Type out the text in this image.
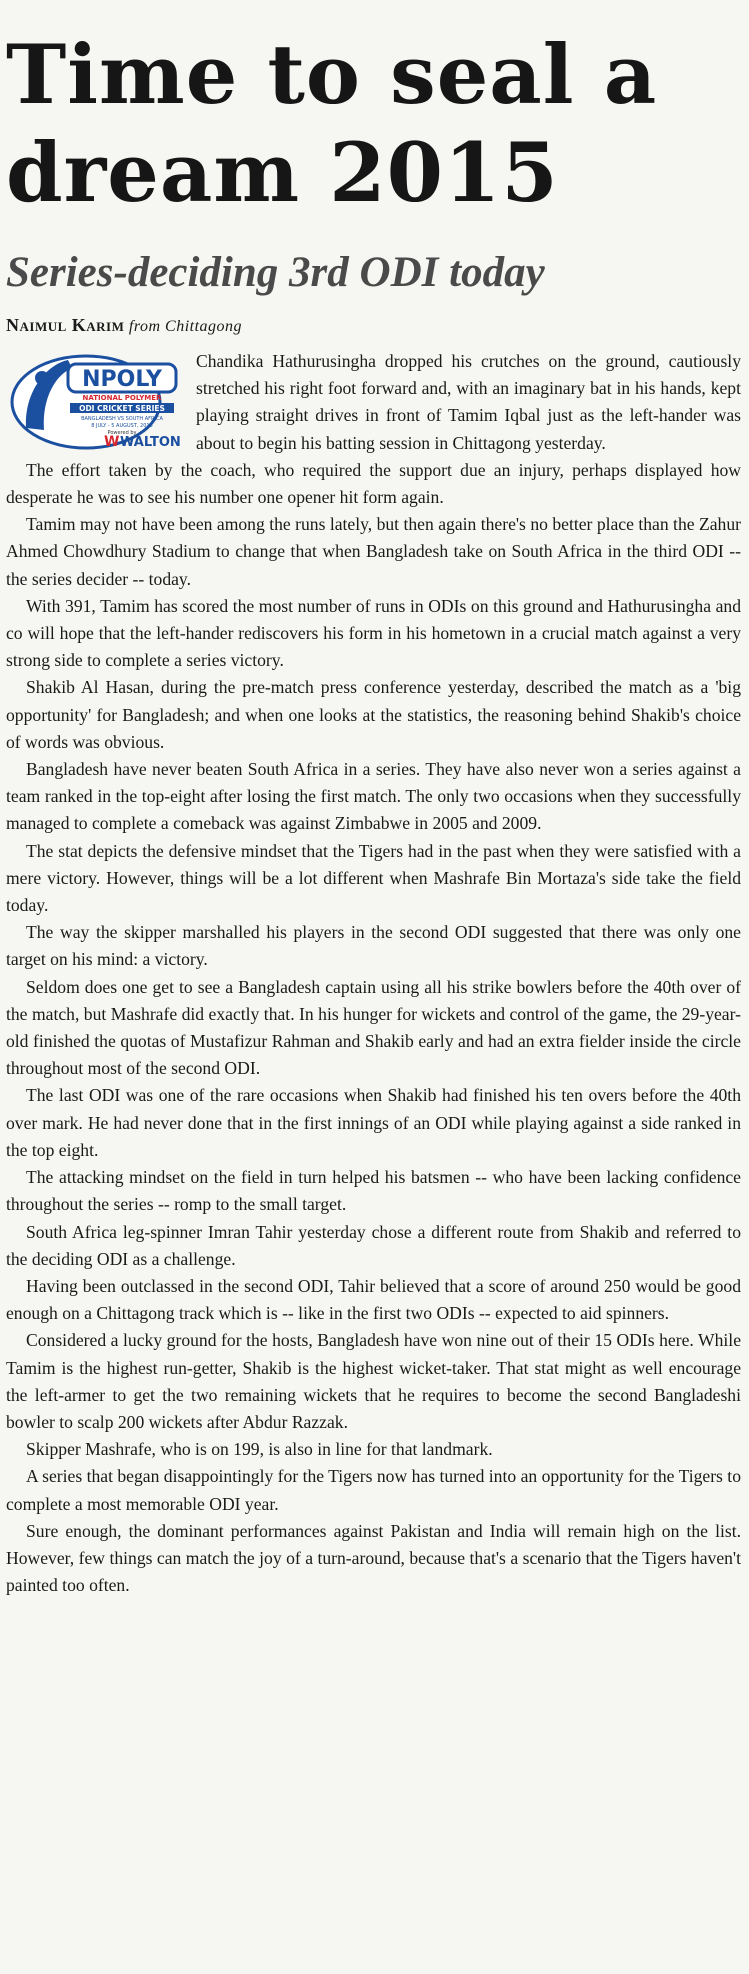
Time to seal a
dream 2015
Series-deciding 3rd ODI today
Naimul Karim from Chittagong
NPOLY
NATIONAL POLYMER
ODI CRICKET SERIES
BANGLADESH VS SOUTH AFRICA
8 JULY - 5 AUGUST, 2015
Powered by
W WALTON

Chandika Hathurusingha dropped his crutches on the ground, cautiously stretched his right foot forward and, with an imaginary bat in his hands, kept playing straight drives in front of Tamim Iqbal just as the left-hander was about to begin his batting session in Chittagong yesterday.

The effort taken by the coach, who required the support due an injury, perhaps displayed how desperate he was to see his number one opener hit form again.

Tamim may not have been among the runs lately, but then again there's no better place than the Zahur Ahmed Chowdhury Stadium to change that when Bangladesh take on South Africa in the third ODI -- the series decider -- today.

With 391, Tamim has scored the most number of runs in ODIs on this ground and Hathurusingha and co will hope that the left-hander rediscovers his form in his hometown in a crucial match against a very strong side to complete a series victory.

Shakib Al Hasan, during the pre-match press conference yesterday, described the match as a 'big opportunity' for Bangladesh; and when one looks at the statistics, the reasoning behind Shakib's choice of words was obvious.

Bangladesh have never beaten South Africa in a series. They have also never won a series against a team ranked in the top-eight after losing the first match. The only two occasions when they successfully managed to complete a comeback was against Zimbabwe in 2005 and 2009.

The stat depicts the defensive mindset that the Tigers had in the past when they were satisfied with a mere victory. However, things will be a lot different when Mashrafe Bin Mortaza's side take the field today.

The way the skipper marshalled his players in the second ODI suggested that there was only one target on his mind: a victory.

Seldom does one get to see a Bangladesh captain using all his strike bowlers before the 40th over of the match, but Mashrafe did exactly that. In his hunger for wickets and control of the game, the 29-year-old finished the quotas of Mustafizur Rahman and Shakib early and had an extra fielder inside the circle throughout most of the second ODI.

The last ODI was one of the rare occasions when Shakib had finished his ten overs before the 40th over mark. He had never done that in the first innings of an ODI while playing against a side ranked in the top eight.

The attacking mindset on the field in turn helped his batsmen -- who have been lacking confidence throughout the series -- romp to the small target.

South Africa leg-spinner Imran Tahir yesterday chose a different route from Shakib and referred to the deciding ODI as a challenge.

Having been outclassed in the second ODI, Tahir believed that a score of around 250 would be good enough on a Chittagong track which is -- like in the first two ODIs -- expected to aid spinners.

Considered a lucky ground for the hosts, Bangladesh have won nine out of their 15 ODIs here. While Tamim is the highest run-getter, Shakib is the highest wicket-taker. That stat might as well encourage the left-armer to get the two remaining wickets that he requires to become the second Bangladeshi bowler to scalp 200 wickets after Abdur Razzak.

Skipper Mashrafe, who is on 199, is also in line for that landmark.

A series that began disappointingly for the Tigers now has turned into an opportunity for the Tigers to complete a most memorable ODI year.

Sure enough, the dominant performances against Pakistan and India will remain high on the list. However, few things can match the joy of a turn-around, because that's a scenario that the Tigers haven't painted too often.
